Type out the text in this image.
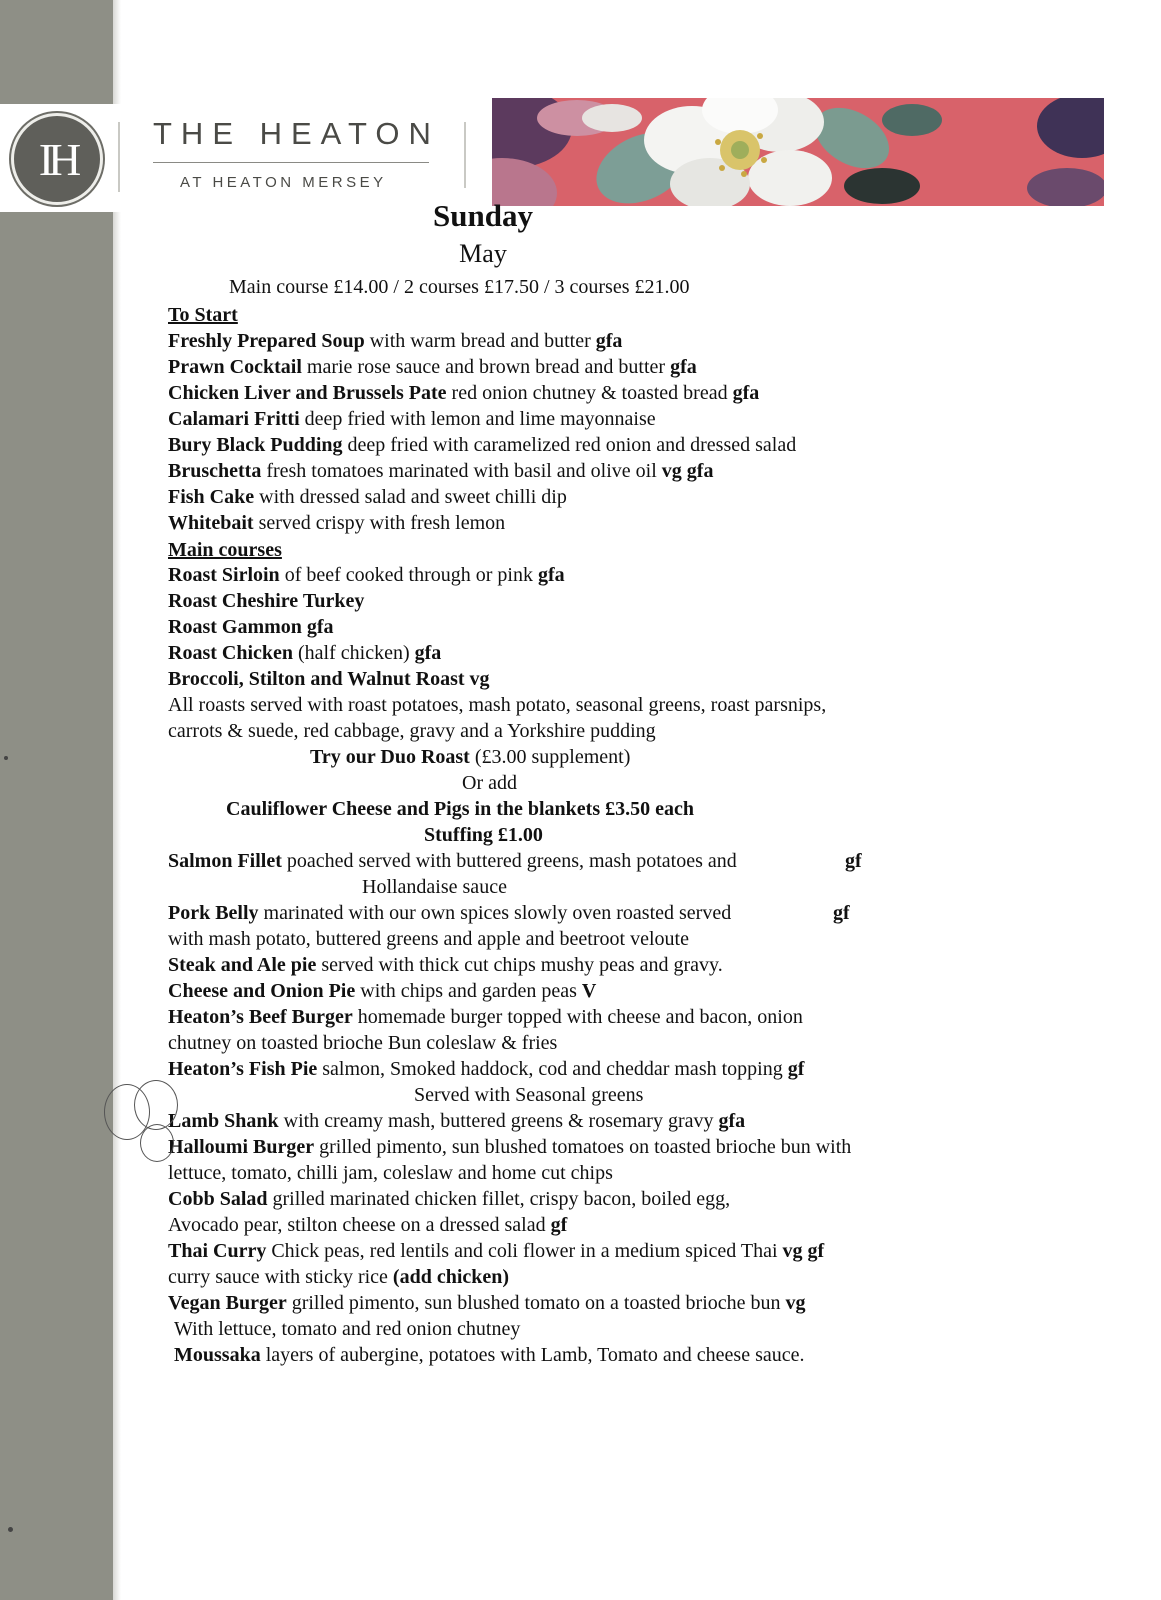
IH	THE HEATON
AT HEATON MERSEY
Sunday
May
Main course £14.00 / 2 courses £17.50 / 3 courses £21.00
To Start
Freshly Prepared Soup with warm bread and butter gfa
Prawn Cocktail marie rose sauce and brown bread and butter gfa
Chicken Liver and Brussels Pate red onion chutney & toasted bread gfa
Calamari Fritti deep fried with lemon and lime mayonnaise
Bury Black Pudding deep fried with caramelized red onion and dressed salad
Bruschetta fresh tomatoes marinated with basil and olive oil vg gfa
Fish Cake with dressed salad and sweet chilli dip
Whitebait served crispy with fresh lemon
Main courses
Roast Sirloin of beef cooked through or pink gfa
Roast Cheshire Turkey
Roast Gammon gfa
Roast Chicken (half chicken) gfa
Broccoli, Stilton and Walnut Roast vg
All roasts served with roast potatoes, mash potato, seasonal greens, roast parsnips,
carrots & suede, red cabbage, gravy and a Yorkshire pudding
Try our Duo Roast (£3.00 supplement)
Or add
Cauliflower Cheese and Pigs in the blankets £3.50 each
Stuffing £1.00
Salmon Fillet poached served with buttered greens, mash potatoes and	gf
Hollandaise sauce
Pork Belly marinated with our own spices slowly oven roasted served	gf
with mash potato, buttered greens and apple and beetroot veloute
Steak and Ale pie served with thick cut chips mushy peas and gravy.
Cheese and Onion Pie with chips and garden peas V
Heaton’s Beef Burger homemade burger topped with cheese and bacon, onion
chutney on toasted brioche Bun coleslaw & fries
Heaton’s Fish Pie salmon, Smoked haddock, cod and cheddar mash topping gf
Served with Seasonal greens
Lamb Shank with creamy mash, buttered greens & rosemary gravy gfa
Halloumi Burger grilled pimento, sun blushed tomatoes on toasted brioche bun with
lettuce, tomato, chilli jam, coleslaw and home cut chips
Cobb Salad grilled marinated chicken fillet, crispy bacon, boiled egg,
Avocado pear, stilton cheese on a dressed salad gf
Thai Curry Chick peas, red lentils and coli flower in a medium spiced Thai vg gf
curry sauce with sticky rice (add chicken)
Vegan Burger grilled pimento, sun blushed tomato on a toasted brioche bun vg
With lettuce, tomato and red onion chutney
Moussaka layers of aubergine, potatoes with Lamb, Tomato and cheese sauce.
